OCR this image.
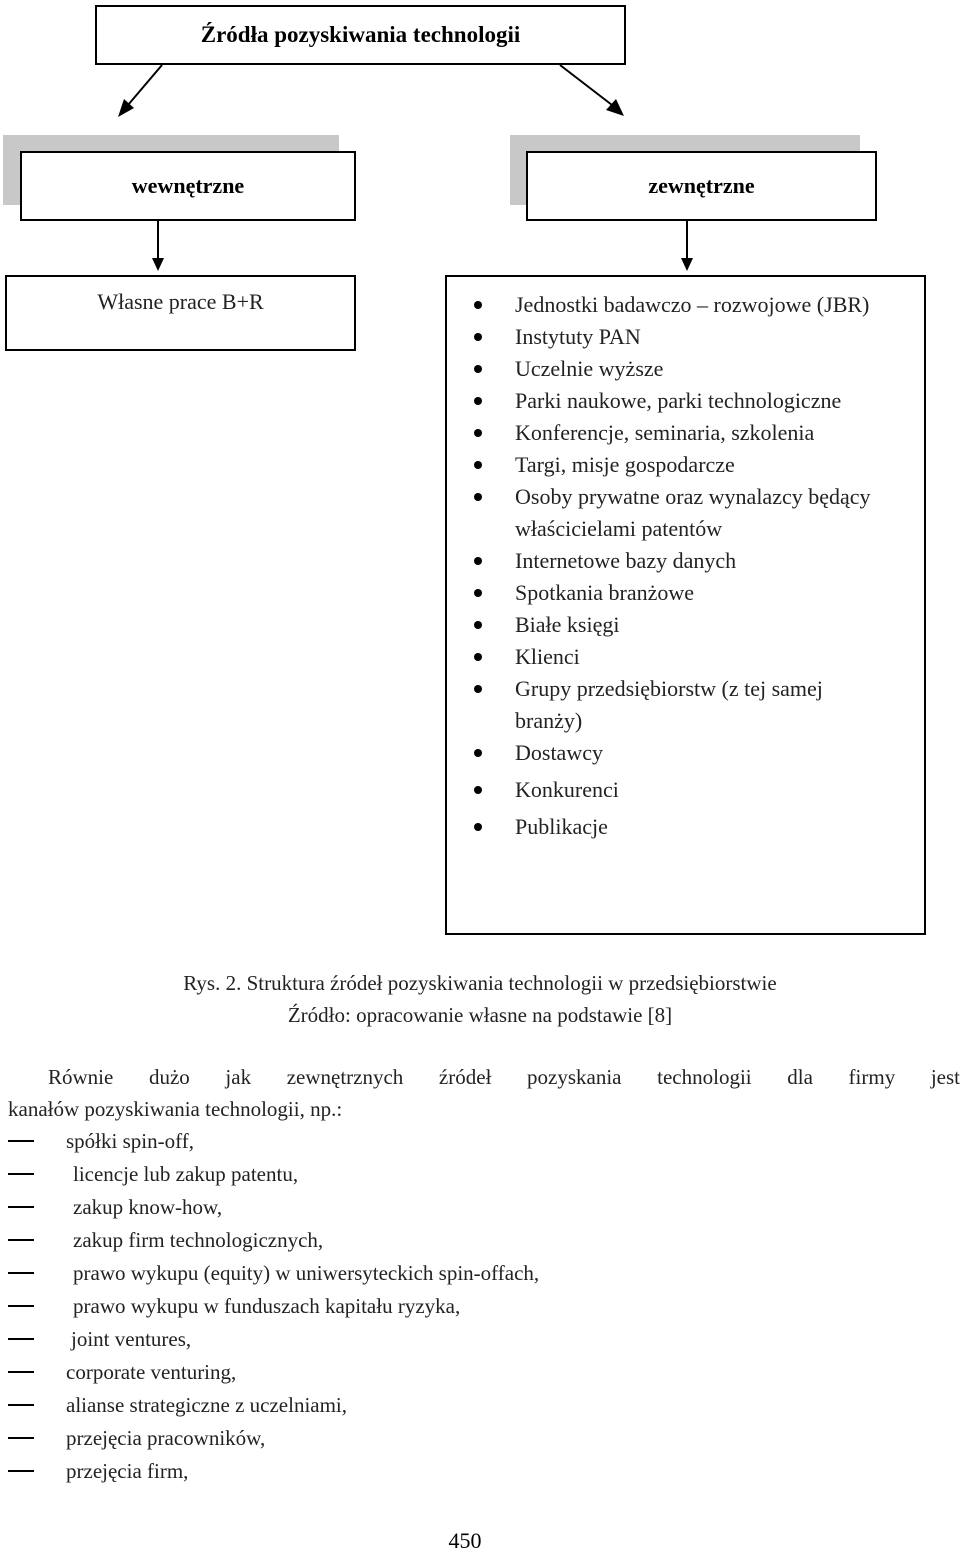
Źródła pozyskiwania technologii
wewnętrzne	zewnętrzne
Własne prace B+R	Jednostki badawczo – rozwojowe (JBR)
Instytuty PAN
Uczelnie wyższe
Parki naukowe, parki technologiczne
Konferencje, seminaria, szkolenia
Targi, misje gospodarcze
Osoby prywatne oraz wynalazcy będący właścicielami patentów
Internetowe bazy danych
Spotkania branżowe
Białe księgi
Klienci
Grupy przedsiębiorstw (z tej samej branży)
Dostawcy
Konkurenci
Publikacje
Rys. 2. Struktura źródeł pozyskiwania technologii w przedsiębiorstwie
Źródło: opracowanie własne na podstawie [8]
Równie dużo jak zewnętrznych źródeł pozyskania technologii dla firmy jest
kanałów pozyskiwania technologii, np.:
spółki spin-off,
licencje lub zakup patentu,
zakup know-how,
zakup firm technologicznych,
prawo wykupu (equity) w uniwersyteckich spin-offach,
prawo wykupu w funduszach kapitału ryzyka,
joint ventures,
corporate venturing,
alianse strategiczne z uczelniami,
przejęcia pracowników,
przejęcia firm,
450
